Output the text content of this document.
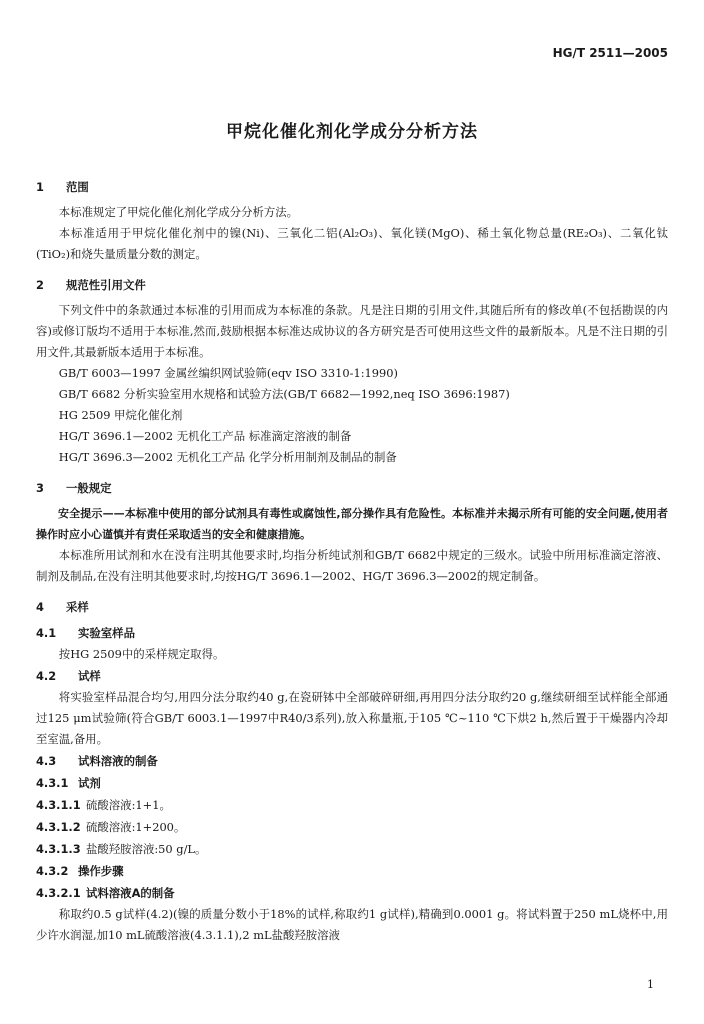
HG/T 2511—2005
甲烷化催化剂化学成分分析方法
1 范围

本标准规定了甲烷化催化剂化学成分分析方法。

本标准适用于甲烷化催化剂中的镍(Ni)、三氧化二铝(Al₂O₃)、氧化镁(MgO)、稀土氧化物总量(RE₂O₃)、二氧化钛(TiO₂)和烧失量质量分数的测定。

2 规范性引用文件

下列文件中的条款通过本标准的引用而成为本标准的条款。凡是注日期的引用文件,其随后所有的修改单(不包括勘误的内容)或修订版均不适用于本标准,然而,鼓励根据本标准达成协议的各方研究是否可使用这些文件的最新版本。凡是不注日期的引用文件,其最新版本适用于本标准。

GB/T 6003—1997 金属丝编织网试验筛(eqv ISO 3310-1:1990)

GB/T 6682 分析实验室用水规格和试验方法(GB/T 6682—1992,neq ISO 3696:1987)

HG 2509 甲烷化催化剂

HG/T 3696.1—2002 无机化工产品 标准滴定溶液的制备

HG/T 3696.3—2002 无机化工产品 化学分析用制剂及制品的制备

3 一般规定

安全提示——本标准中使用的部分试剂具有毒性或腐蚀性,部分操作具有危险性。本标准并未揭示所有可能的安全问题,使用者操作时应小心谨慎并有责任采取适当的安全和健康措施。

本标准所用试剂和水在没有注明其他要求时,均指分析纯试剂和GB/T 6682中规定的三级水。试验中所用标准滴定溶液、制剂及制品,在没有注明其他要求时,均按HG/T 3696.1—2002、HG/T 3696.3—2002的规定制备。

4 采样
4.1 实验室样品

按HG 2509中的采样规定取得。

4.2 试样

将实验室样品混合均匀,用四分法分取约40 g,在瓷研钵中全部破碎研细,再用四分法分取约20 g,继续研细至试样能全部通过125 μm试验筛(符合GB/T 6003.1—1997中R40/3系列),放入称量瓶,于105 ℃~110 ℃下烘2 h,然后置于干燥器内冷却至室温,备用。

4.3 试料溶液的制备
4.3.1 试剂
4.3.1.1 硫酸溶液:1+1。
4.3.1.2 硫酸溶液:1+200。
4.3.1.3 盐酸羟胺溶液:50 g/L。
4.3.2 操作步骤
4.3.2.1 试料溶液A的制备

称取约0.5 g试样(4.2)(镍的质量分数小于18%的试样,称取约1 g试样),精确到0.0001 g。将试料置于250 mL烧杯中,用少许水润湿,加10 mL硫酸溶液(4.3.1.1),2 mL盐酸羟胺溶液

1
